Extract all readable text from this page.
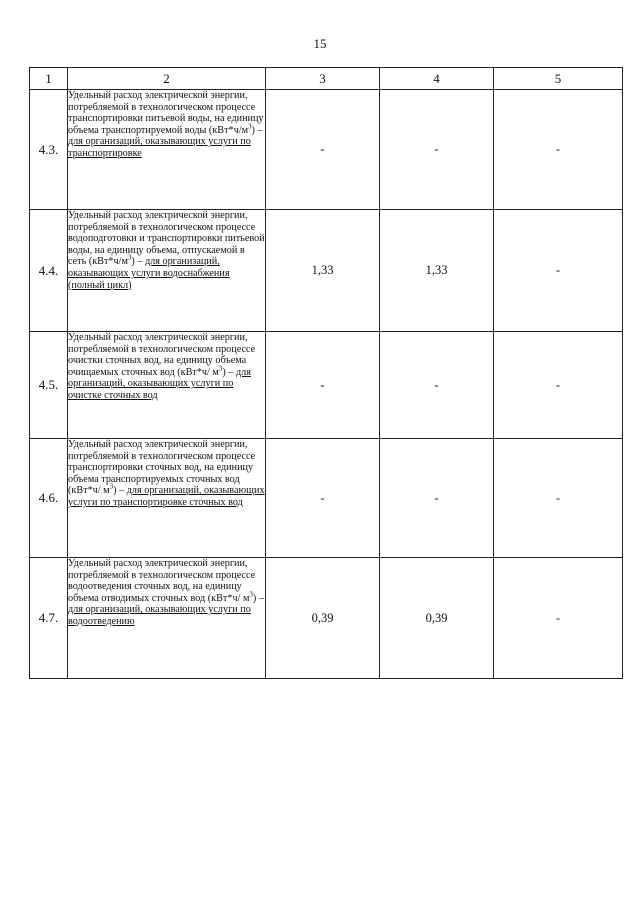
15
1	2	3	4	5
4.3.	Удельный расход электрической энергии, потребляемой в технологическом процессе транспортировки питьевой воды, на единицу объема транспортируемой воды $(кВт*ч/м^3)$ – для организаций, оказывающих услуги по транспортировке	-	-	-
4.4.	Удельный расход электрической энергии, потребляемой в технологическом процессе водоподготовки и транспортировки питьевой воды, на единицу объема, отпускаемой в сеть $(кВт*ч/м^3)$ – для организаций, оказывающих услуги водоснабжения (полный цикл)	1,33	1,33	-
4.5.	Удельный расход электрической энергии, потребляемой в технологическом процессе очистки сточных вод, на единицу объема очищаемых сточных вод (кВт*ч/ $м^3$) – для организаций, оказывающих услуги по очистке сточных вод	-	-	-
4.6.	Удельный расход электрической энергии, потребляемой в технологическом процессе транспортировки сточных вод, на единицу объема транспортируемых сточных вод (кВт*ч/ $м^3$) – для организаций, оказывающих услуги по транспортировке сточных вод	-	-	-
4.7.	Удельный расход электрической энергии, потребляемой в технологическом процессе водоотведения сточных вод, на единицу объема отводимых сточных вод (кВт*ч/ $м^3$) – для организаций, оказывающих услуги по водоотведению	0,39	0,39	-
